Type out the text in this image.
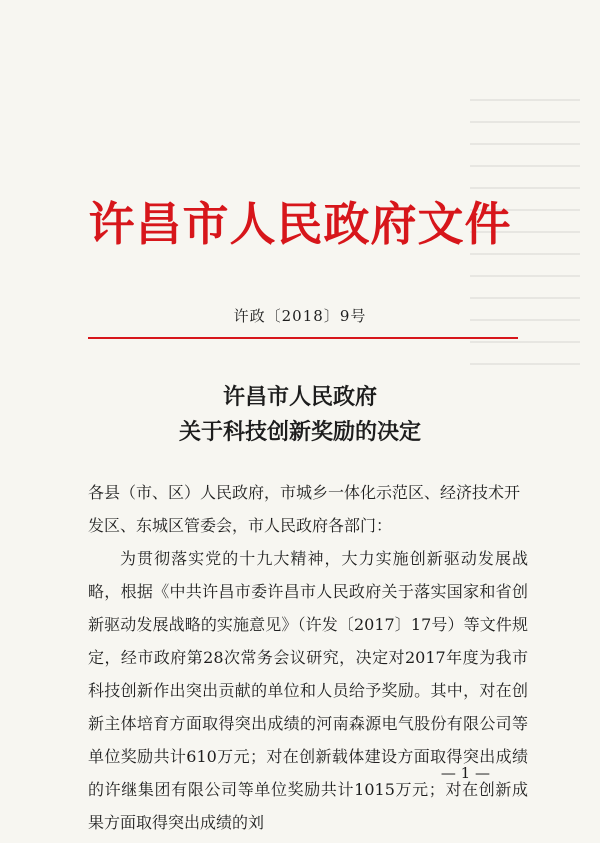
许昌市人民政府文件
许政〔2018〕9号
许昌市人民政府
关于科技创新奖励的决定

各县（市、区）人民政府，市城乡一体化示范区、经济技术开发区、东城区管委会，市人民政府各部门：

为贯彻落实党的十九大精神，大力实施创新驱动发展战略，根据《中共许昌市委许昌市人民政府关于落实国家和省创新驱动发展战略的实施意见》（许发〔2017〕17号）等文件规定，经市政府第28次常务会议研究，决定对2017年度为我市科技创新作出突出贡献的单位和人员给予奖励。其中，对在创新主体培育方面取得突出成绩的河南森源电气股份有限公司等单位奖励共计610万元；对在创新载体建设方面取得突出成绩的许继集团有限公司等单位奖励共计1015万元；对在创新成果方面取得突出成绩的刘

— 1 —
